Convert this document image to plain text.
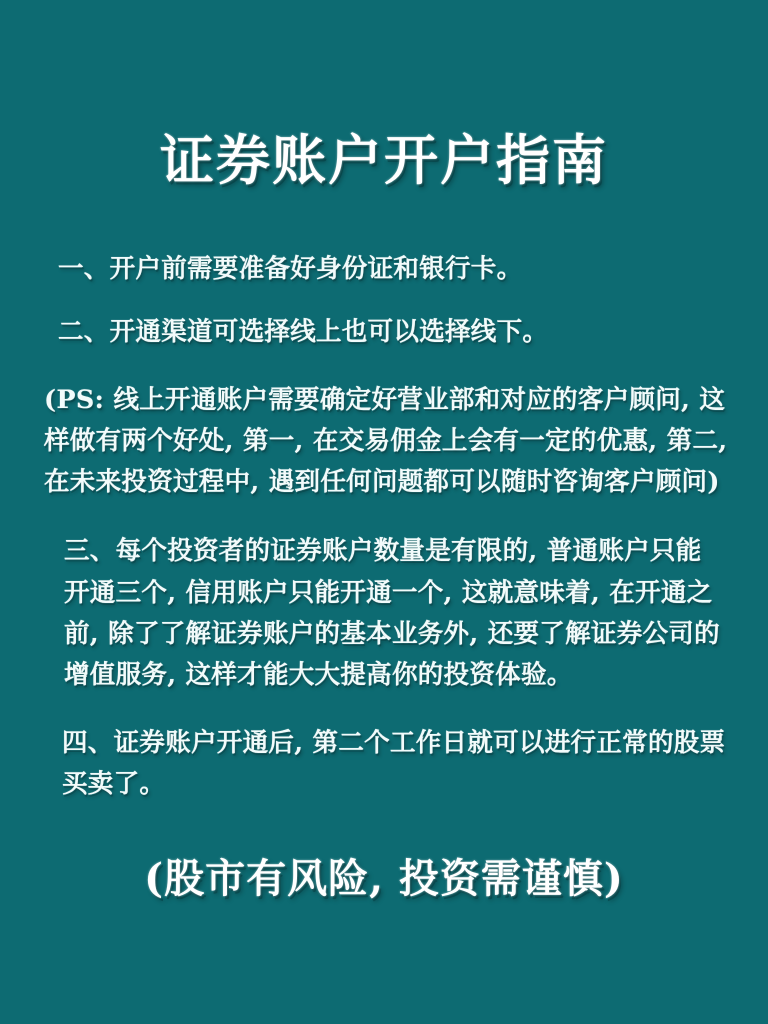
证券账户开户指南

一、开户前需要准备好身份证和银行卡。

二、开通渠道可选择线上也可以选择线下。

(PS: 线上开通账户需要确定好营业部和对应的客户顾问, 这样做有两个好处, 第一, 在交易佣金上会有一定的优惠, 第二, 在未来投资过程中, 遇到任何问题都可以随时咨询客户顾问)

三、每个投资者的证券账户数量是有限的, 普通账户只能开通三个, 信用账户只能开通一个, 这就意味着, 在开通之前, 除了了解证券账户的基本业务外, 还要了解证券公司的增值服务, 这样才能大大提高你的投资体验。

四、证券账户开通后, 第二个工作日就可以进行正常的股票买卖了。

(股市有风险, 投资需谨慎)
